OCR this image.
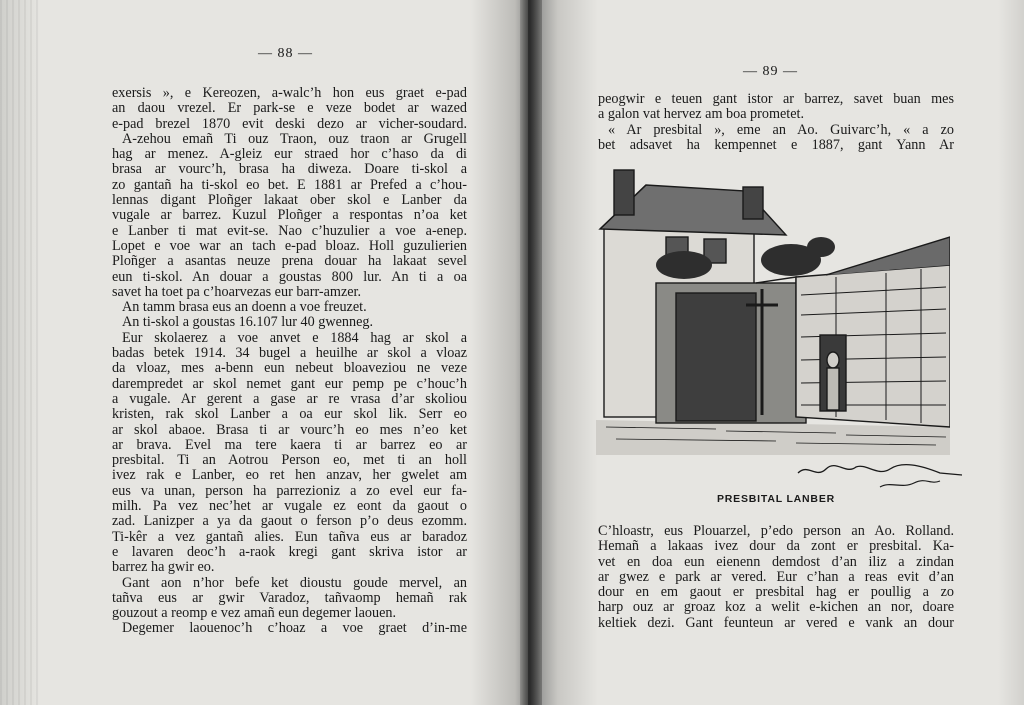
— 88 —
exersis », e Kereozen, a-walc’h hon eus graet e-pad
an daou vrezel. Er park-se e veze bodet ar wazed
e-pad brezel 1870 evit deski dezo ar vicher-soudard.
A-zehou emañ Ti ouz Traon, ouz traon ar Grugell
hag ar menez. A-gleiz eur straed hor c’haso da di
brasa ar vourc’h, brasa ha diweza. Doare ti-skol a
zo gantañ ha ti-skol eo bet. E 1881 ar Prefed a c’hou-
lennas digant Ploñger lakaat ober skol e Lanber da
vugale ar barrez. Kuzul Ploñger a respontas n’oa ket
e Lanber ti mat evit-se. Nao c’huzulier a voe a-enep.
Lopet e voe war an tach e-pad bloaz. Holl guzulierien
Ploñger a asantas neuze prena douar ha lakaat sevel
eun ti-skol. An douar a goustas 800 lur. An ti a oa
savet ha toet pa c’hoarvezas eur barr-amzer.
An tamm brasa eus an doenn a voe freuzet.
An ti-skol a goustas 16.107 lur 40 gwenneg.
Eur skolaerez a voe anvet e 1884 hag ar skol a
badas betek 1914. 34 bugel a heuilhe ar skol a vloaz
da vloaz, mes a-benn eun nebeut bloaveziou ne veze
darempredet ar skol nemet gant eur pemp pe c’houc’h
a vugale. Ar gerent a gase ar re vrasa d’ar skoliou
kristen, rak skol Lanber a oa eur skol lik. Serr eo
ar skol abaoe. Brasa ti ar vourc’h eo mes n’eo ket
ar brava. Evel ma tere kaera ti ar barrez eo ar
presbital. Ti an Aotrou Person eo, met ti an holl
ivez rak e Lanber, eo ret hen anzav, her gwelet am
eus va unan, person ha parrezioniz a zo evel eur fa-
milh. Pa vez nec’het ar vugale ez eont da gaout o
zad. Lanizper a ya da gaout o ferson p’o deus ezomm.
Ti-kêr a vez gantañ alies. Eun tañva eus ar baradoz
e lavaren deoc’h a-raok kregi gant skriva istor ar
barrez ha gwir eo.
Gant aon n’hor befe ket dioustu goude mervel, an
tañva eus ar gwir Varadoz, tañvaomp hemañ rak
gouzout a reomp e vez amañ eun degemer laouen.
Degemer laouenoc’h c’hoaz a voe graet d’in-me
— 89 —
peogwir e teuen gant istor ar barrez, savet buan mes
a galon vat hervez am boa prometet.
« Ar presbital », eme an Ao. Guivarc’h, « a zo
bet adsavet ha kempennet e 1887, gant Yann Ar
C’hloastr, eus Plouarzel, p’edo person an Ao. Rolland.
Hemañ a lakaas ivez dour da zont er presbital. Ka-
vet en doa eun eienenn demdost d’an iliz a zindan
ar gwez e park ar vered. Eur c’han a reas evit d’an
dour en em gaout er presbital hag er poullig a zo
harp ouz ar groaz koz a welit e-kichen an nor, doare
keltiek dezi. Gant feunteun ar vered e vank an dour
PRESBITAL LANBER
